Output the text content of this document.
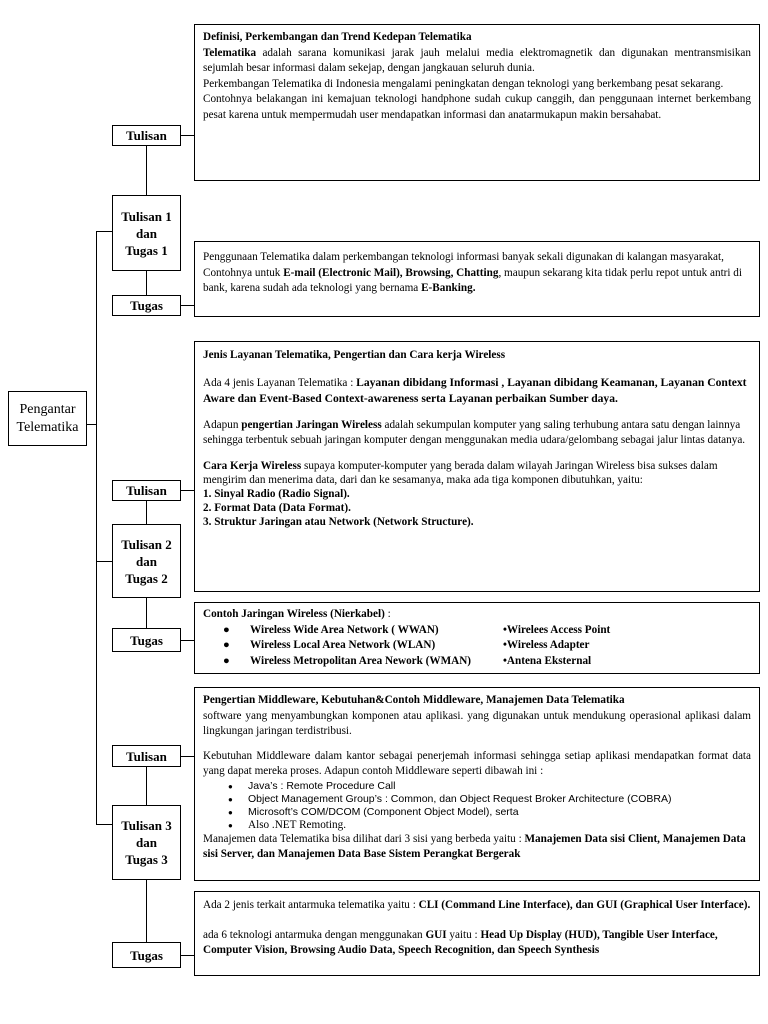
Pengantar
Telematika
Tulisan
Tulisan 1
dan
Tugas 1
Tugas
Tulisan
Tulisan 2
dan
Tugas 2
Tugas
Tulisan
Tulisan 3
dan
Tugas 3
Tugas

Definisi, Perkembangan dan Trend Kedepan Telematika

Telematika adalah sarana komunikasi jarak jauh melalui media elektromagnetik dan digunakan mentransmisikan sejumlah besar informasi dalam sekejap, dengan jangkauan seluruh dunia.

Perkembangan Telematika di Indonesia mengalami peningkatan dengan teknologi yang berkembang pesat sekarang.

Contohnya belakangan ini kemajuan teknologi handphone sudah cukup canggih, dan penggunaan internet berkembang pesat karena untuk mempermudah user mendapatkan informasi dan anatarmukapun makin bersahabat.

Penggunaan Telematika dalam perkembangan teknologi informasi banyak sekali digunakan di kalangan masyarakat, Contohnya untuk E-mail (Electronic Mail), Browsing, Chatting, maupun sekarang kita tidak perlu repot untuk antri di bank, karena sudah ada teknologi yang bernama E-Banking.

Jenis Layanan Telematika, Pengertian dan Cara kerja Wireless

Ada 4 jenis Layanan Telematika : Layanan dibidang Informasi , Layanan dibidang Keamanan, Layanan Context Aware dan Event-Based Context-awareness serta Layanan perbaikan Sumber daya.

Adapun pengertian Jaringan Wireless adalah sekumpulan komputer yang saling terhubung antara satu dengan lainnya sehingga terbentuk sebuah jaringan komputer dengan menggunakan media udara/gelombang sebagai jalur lintas datanya.

Cara Kerja Wireless supaya komputer-komputer yang berada dalam wilayah Jaringan Wireless bisa sukses dalam mengirim dan menerima data, dari dan ke sesamanya, maka ada tiga komponen dibutuhkan, yaitu:

1. Sinyal Radio (Radio Signal).
2. Format Data (Data Format).
3. Struktur Jaringan atau Network (Network Structure).

Contoh Jaringan Wireless (Nierkabel) :

● Wireless Wide Area Network ( WWAN)
● Wireless Local Area Network (WLAN)
● Wireless Metropolitan Area Nework (WMAN)
•Wirelees Access Point
•Wireless Adapter
•Antena Eksternal

Pengertian Middleware, Kebutuhan&Contoh Middleware, Manajemen Data Telematika

software yang menyambungkan komponen atau aplikasi. yang digunakan untuk mendukung operasional aplikasi dalam lingkungan jaringan terdistribusi.

Kebutuhan Middleware dalam kantor sebagai penerjemah informasi sehingga setiap aplikasi mendapatkan format data yang dapat mereka proses. Adapun contoh Middleware seperti dibawah ini :

● Java’s : Remote Procedure Call
● Object Management Group’s : Common, dan Object Request Broker Architecture (COBRA)
● Microsoft’s COM/DCOM (Component Object Model), serta
● Also .NET Remoting.

Manajemen data Telematika bisa dilihat dari 3 sisi yang berbeda yaitu : Manajemen Data sisi Client, Manajemen Data sisi Server, dan Manajemen Data Base Sistem Perangkat Bergerak

Ada 2 jenis terkait antarmuka telematika yaitu : CLI (Command Line Interface), dan GUI (Graphical User Interface).

ada 6 teknologi antarmuka dengan menggunakan GUI yaitu : Head Up Display (HUD), Tangible User Interface, Computer Vision, Browsing Audio Data, Speech Recognition, dan Speech Synthesis
